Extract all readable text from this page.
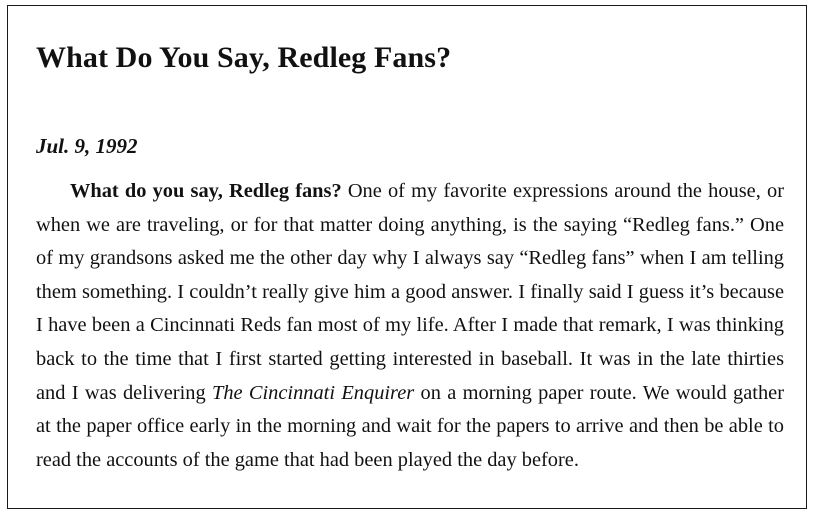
What Do You Say, Redleg Fans?

Jul. 9, 1992

What do you say, Redleg fans? One of my favorite expressions around the house, or when we are traveling, or for that matter doing anything, is the saying “Redleg fans.” One of my grandsons asked me the other day why I always say “Redleg fans” when I am telling them something. I couldn’t really give him a good answer. I finally said I guess it’s because I have been a Cincinnati Reds fan most of my life. After I made that remark, I was thinking back to the time that I first started getting interested in baseball. It was in the late thirties and I was delivering The Cincinnati Enquirer on a morning paper route. We would gather at the paper office early in the morning and wait for the papers to arrive and then be able to read the accounts of the game that had been played the day before.
